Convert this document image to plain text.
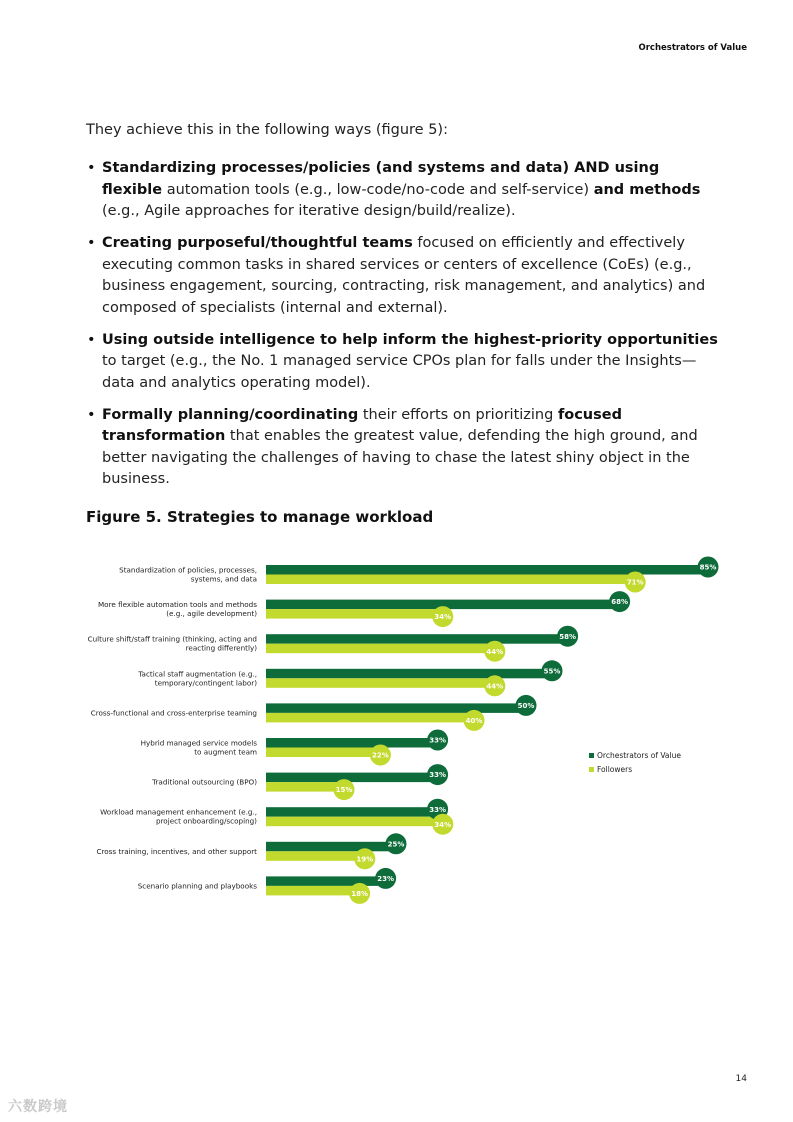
Orchestrators of Value

They achieve this in the following ways (figure 5):

• Standardizing processes/policies (and systems and data) AND using flexible automation tools (e.g., low-code/no-code and self-service) and methods (e.g., Agile approaches for iterative design/build/realize).
• Creating purposeful/thoughtful teams focused on efficiently and effectively executing common tasks in shared services or centers of excellence (CoEs) (e.g., business engagement, sourcing, contracting, risk management, and analytics) and composed of specialists (internal and external).
• Using outside intelligence to help inform the highest-priority opportunities to target (e.g., the No. 1 managed service CPOs plan for falls under the Insights—data and analytics operating model).
• Formally planning/coordinating their efforts on prioritizing focused transformation that enables the greatest value, defending the high ground, and better navigating the challenges of having to chase the latest shiny object in the business.
Figure 5. Strategies to manage workload
Standardization of policies, processes, systems, and data
85%
71%
More flexible automation tools and methods (e.g., agile development)
68%
34%
Culture shift/staff training (thinking, acting and reacting differently)
58%
44%
Tactical staff augmentation (e.g., temporary/contingent labor)
55%
44%
Cross-functional and cross-enterprise teaming
50%
40%
Hybrid managed service models to augment team
33%
22%
Traditional outsourcing (BPO)
33%
15%
Workload management enhancement (e.g., project onboarding/scoping)
33%
34%
Cross training, incentives, and other support
25%
19%
Scenario planning and playbooks
23%
18%
Orchestrators of Value
Followers
14
六数跨境
